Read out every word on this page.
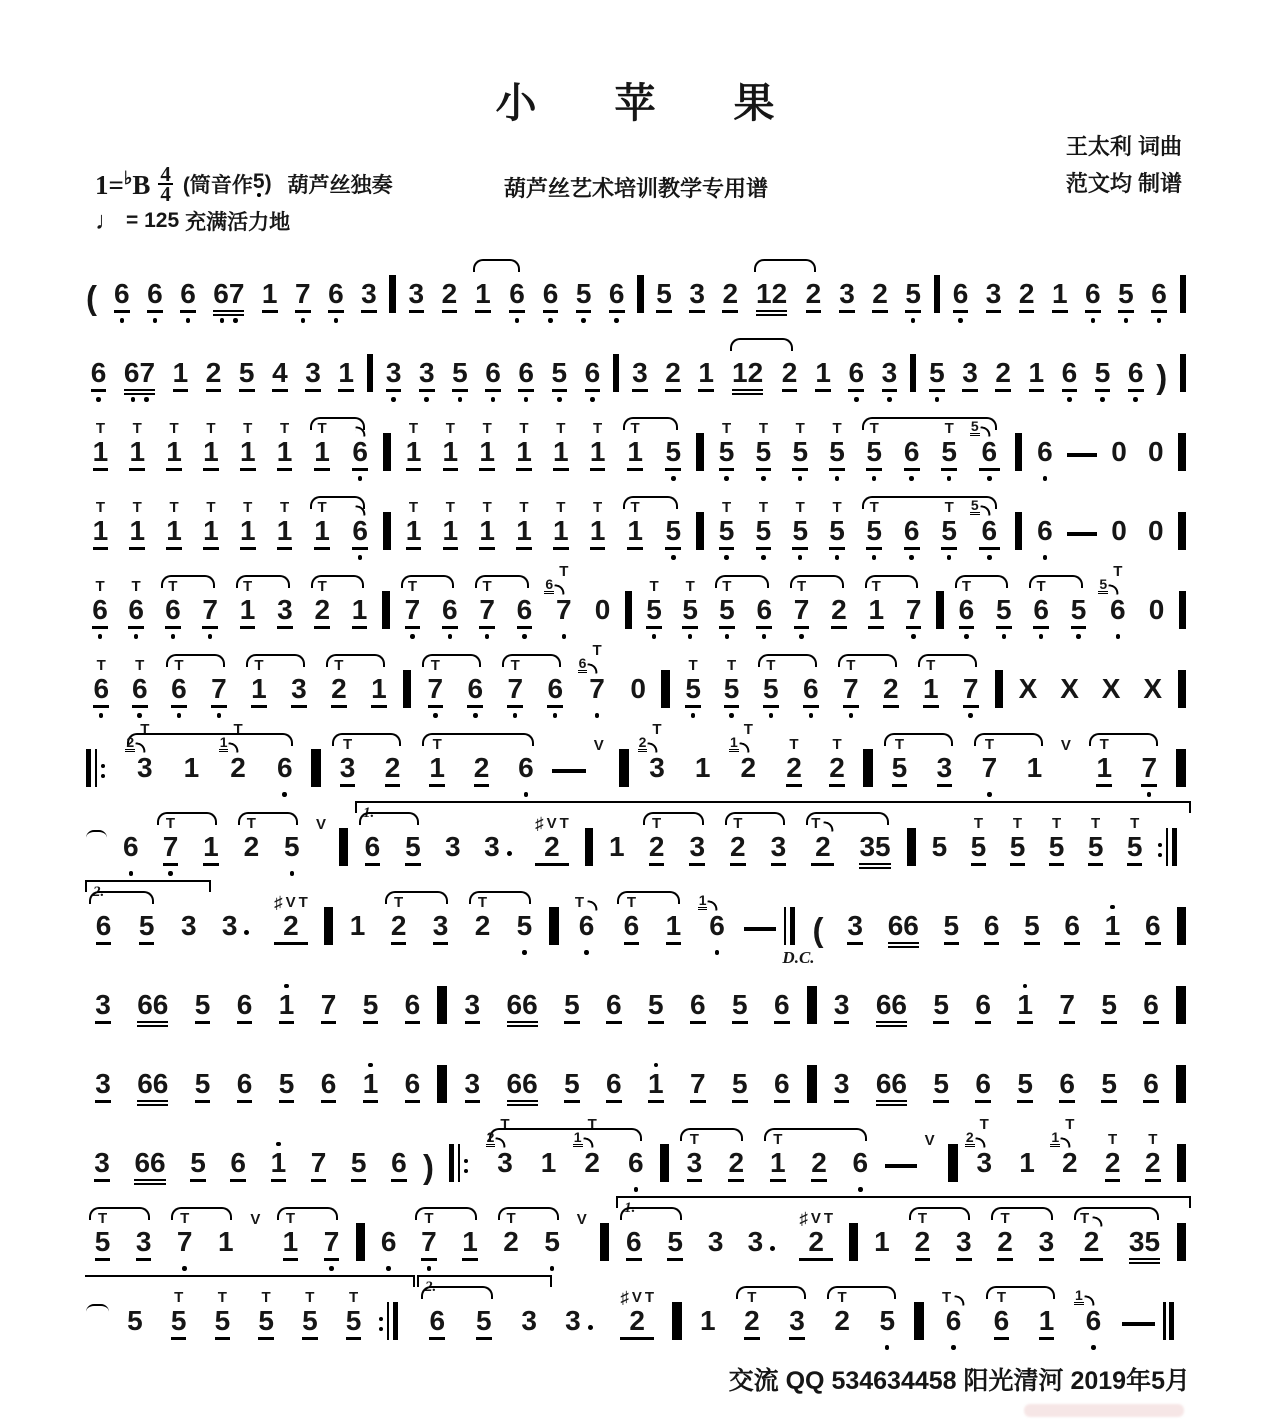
小 苹 果
王太利 词曲
范文均 制谱
$1=^♭B \frac{4}{4}$ (筒音作 5 ) 葫芦丝独奏	葫芦丝艺术培训教学专用谱
♩ = 125 充满活力地
( 6 6 6 67 1 7 6 3 3 2 1 6 6 5 6 5 3 2 12 2 3 2 5 6 3 2 1 6 5 6
6 67 1 2 5 4 3 1 3 3 5 6 6 5 6 3 2 1 12 2 1 6 3 5 3 2 1 6 5 6 )
T
1
T
1
T
1
T
1
T
1
T
1
T
1 6
T
1
T
1
T
1
T
1
T
1
T
1
T
1 5
T
5
T
5
T
5
T
5
T
5 6
T
5
5
6 6 0 0
T
1
T
1
T
1
T
1
T
1
T
1
T
1 6
T
1
T
1
T
1
T
1
T
1
T
1
T
1 5
T
5
T
5
T
5
T
5
T
5 6
T
5
5
6 6 0 0
T
6
T
6
T
6 7
T
1 3
T
2 1
T
7 6
T
7 6
T
6
7 0
T
5
T
5
T
5 6
T
7 2
T
1 7
T
6 5
T
6 5
T
5
6 0
T
6
T
6
T
6 7
T
1 3
T
2 1
T
7 6
T
7 6
T
6
7 0
T
5
T
5
T
5 6
T
7 2
T
1 7 X X X X
T
2
3 1
T
1
2 6
T
3 2
T
1 2 6
V
T
2
3 1
T
1
2
T
2
T
2
T
5 3
T
7 1
V	T
1 7
6
T
7 1
T
2 5
V
1.
6 5 3 3
♯ V T
2 1
T
2 3
T
2 3
T
2 35 5
T
5
T
5
T
5
T
5
T
5
2.
6 5 3 3
♯ V T
2 1
T
2 3
T
2 5
T
6
T
6 1
1
6
D.C.
( 3 66 5 6 5 6 1 6
3 66 5 6 1 7 5 6 3 66 5 6 5 6 5 6 3 66 5 6 1 7 5 6
3 66 5 6 5 6 1 6 3 66 5 6 1 7 5 6 3 66 5 6 5 6 5 6
3 66 5 6 1 7 5 6 )
T
2
3 1
T
1
2 6
T
3 2
T
1 2 6
V
T
2
3 1
T
1
2
T
2
T
2
T
5 3
T
7 1
V	T
1 7 6
T
7 1
T
2 5
V
1.
6 5 3 3
♯ V T
2 1
T
2 3
T
2 3
T
2 35
5
T
5
T
5
T
5
T
5
T
5
2.
6 5 3 3
♯ V T
2 1
T
2 3
T
2 5
T
6
T
6 1
1
6
交流 QQ 534634458 阳光清河 2019年5月
